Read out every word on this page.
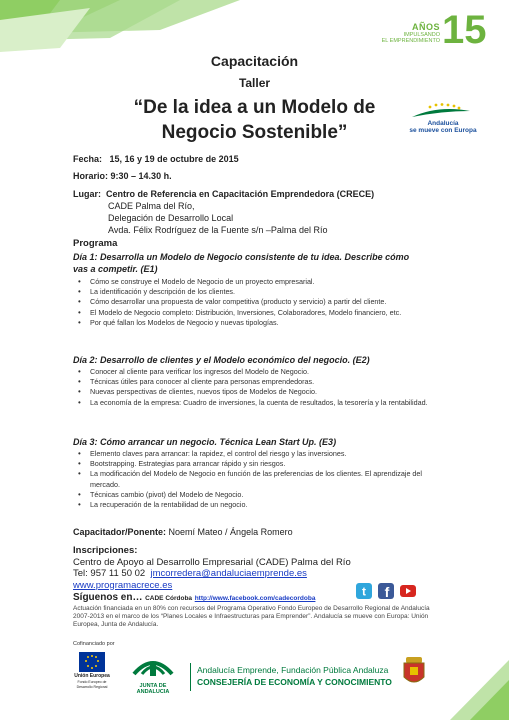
AÑOS
IMPULSANDO
EL EMPRENDIMIENTO 15
Capacitación
Taller
“De la idea a un Modelo de
Negocio Sostenible”	Andalucía
se mueve con Europa
Fecha: 15, 16 y 19 de octubre de 2015
Horario: 9:30 – 14.30 h.
Lugar: Centro de Referencia en Capacitación Emprendedora (CRECE)
CADE Palma del Río,
Delegación de Desarrollo Local
Avda. Félix Rodríguez de la Fuente s/n –Palma del Río
Programa
Día 1: Desarrolla un Modelo de Negocio consistente de tu idea. Describe cómo
vas a competir. (E1)
• Cómo se construye el Modelo de Negocio de un proyecto empresarial.
• La identificación y descripción de los clientes.
• Cómo desarrollar una propuesta de valor competitiva (producto y servicio) a partir del cliente.
• El Modelo de Negocio completo: Distribución, Inversiones, Colaboradores, Modelo financiero, etc.
• Por qué fallan los Modelos de Negocio y nuevas tipologías.
Día 2: Desarrollo de clientes y el Modelo económico del negocio. (E2)
• Conocer al cliente para verificar los ingresos del Modelo de Negocio.
• Técnicas útiles para conocer al cliente para personas emprendedoras.
• Nuevas perspectivas de clientes, nuevos tipos de Modelos de Negocio.
• La economía de la empresa: Cuadro de inversiones, la cuenta de resultados, la tesorería y la rentabilidad.
Día 3: Cómo arrancar un negocio. Técnica Lean Start Up. (E3)
• Elemento claves para arrancar: la rapidez, el control del riesgo y las inversiones.
• Bootstrapping. Estrategias para arrancar rápido y sin riesgos.
• La modificación del Modelo de Negocio en función de las preferencias de los clientes. El aprendizaje del mercado.
• Técnicas cambio (pivot) del Modelo de Negocio.
• La recuperación de la rentabilidad de un negocio.
Capacitador/Ponente: Noemí Mateo / Ángela Romero
Inscripciones:
Centro de Apoyo al Desarrollo Empresarial (CADE) Palma del Río
Tel: 957 11 50 02 jmcorredera@andaluciaemprende.es
www.programacrece.es
Síguenos en… CADE Córdoba http://www.facebook.com/cadecordoba	t f
Actuación financiada en un 80% con recursos del Programa Operativo Fondo Europeo de Desarrollo Regional de Andalucía 2007-2013 en el marco de los “Planes Locales e Infraestructuras para Emprender”. Andalucía se mueve con Europa: Unión Europea, Junta de Andalucía.
Cofinanciado por
Unión Europea
Fondo Europeo de Desarrollo Regional	JUNTA DE ANDALUCIA
Andalucía Emprende, Fundación Pública Andaluza
CONSEJERÍA DE ECONOMÍA Y CONOCIMIENTO
